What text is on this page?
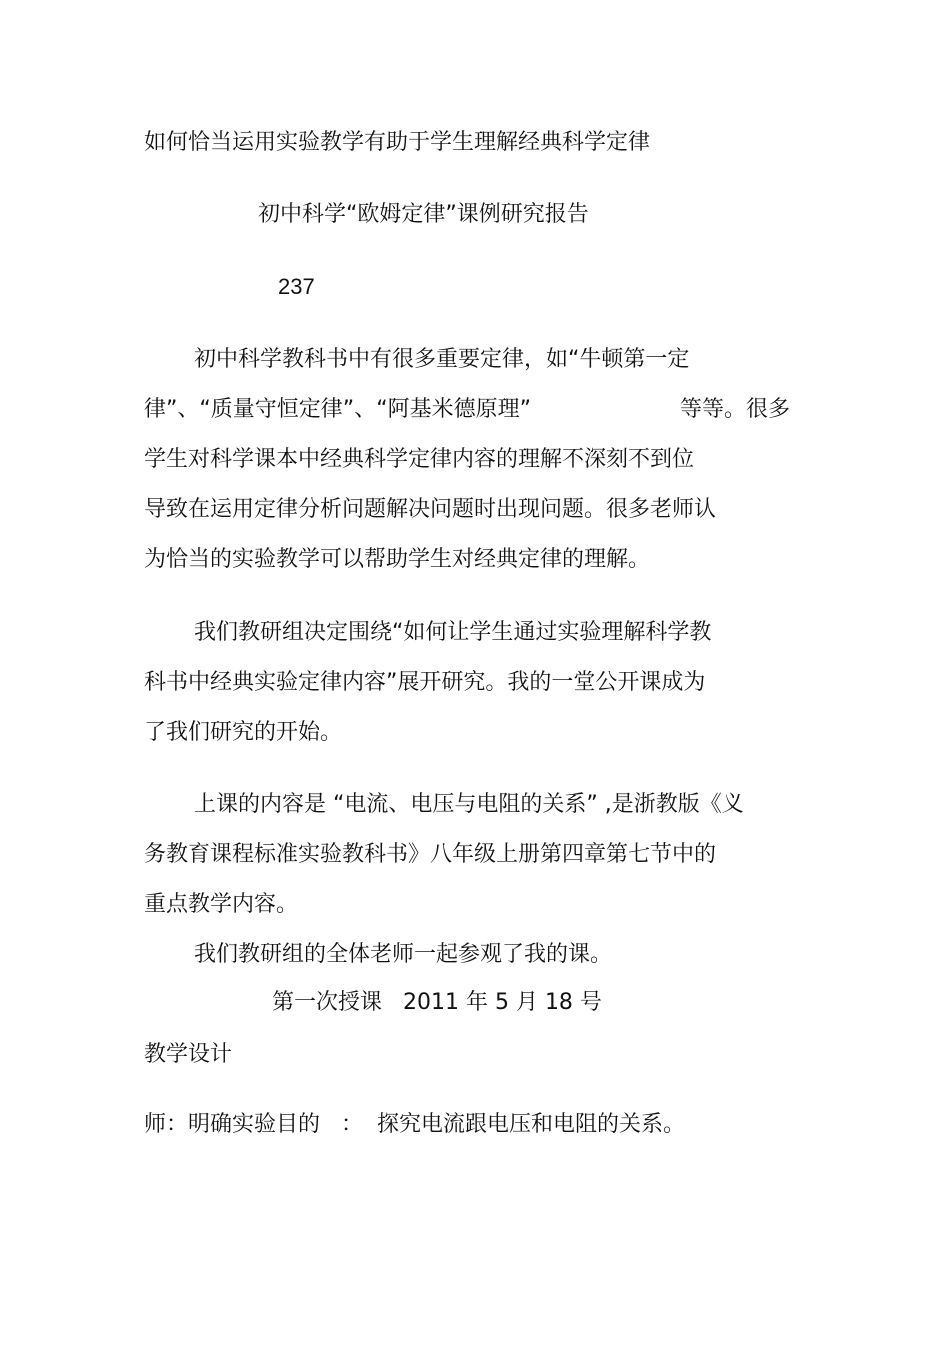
如何恰当运用实验教学有助于学生理解经典科学定律

初中科学“欧姆定律”课例研究报告

237

初中科学教科书中有很多重要定律，如“牛顿第一定

律”、“质量守恒定律”、“阿基米德原理”	等等。很多

学生对科学课本中经典科学定律内容的理解不深刻不到位

导致在运用定律分析问题解决问题时出现问题。很多老师认

为恰当的实验教学可以帮助学生对经典定律的理解。

我们教研组决定围绕“如何让学生通过实验理解科学教

科书中经典实验定律内容”展开研究。我的一堂公开课成为

了我们研究的开始。

上课的内容是 “电流、电压与电阻的关系” ,是浙教版《义

务教育课程标准实验教科书》八年级上册第四章第七节中的

重点教学内容。

我们教研组的全体老师一起参观了我的课。

第一次授课   2011 年 5 月 18 号

教学设计

师：明确实验目的   ：  探究电流跟电压和电阻的关系。
